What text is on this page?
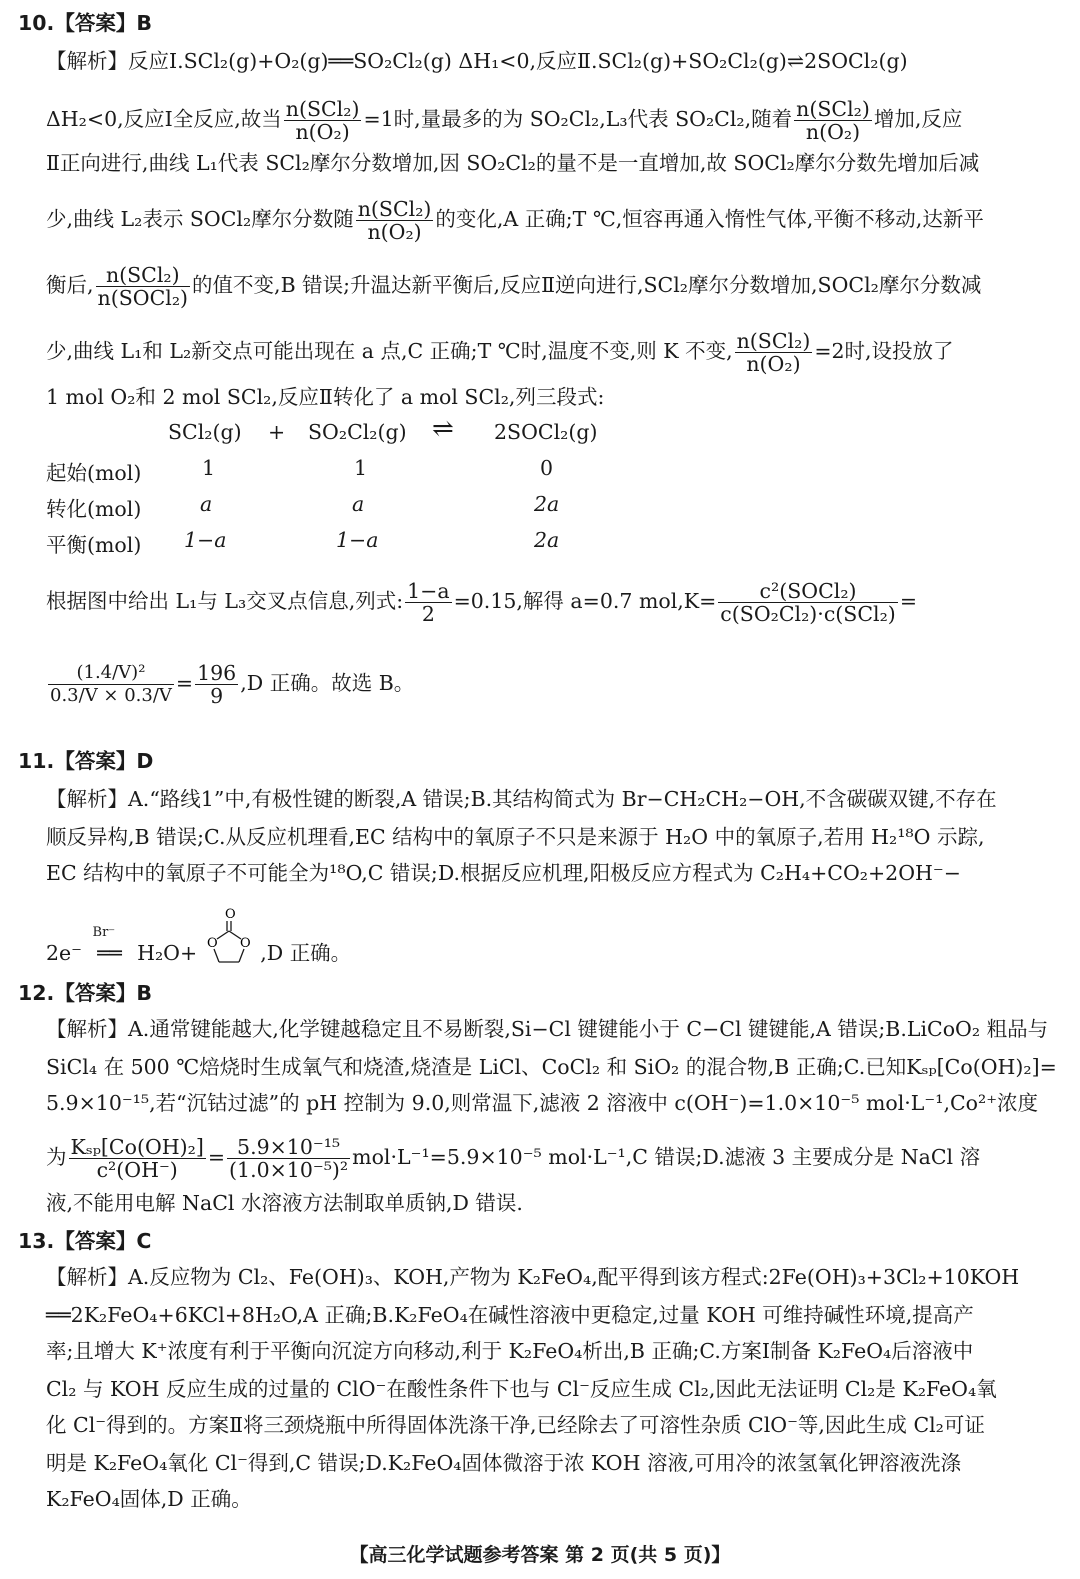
10.【答案】B
【解析】反应Ⅰ.SCl₂(g)+O₂(g)══SO₂Cl₂(g) ΔH₁<0,反应Ⅱ.SCl₂(g)+SO₂Cl₂(g)⇌2SOCl₂(g)
ΔH₂<0,反应Ⅰ全反应,故当 $\frac{\text{n(SCl₂)}}{\text{n(O₂)}} =1$时,量最多的为 SO₂Cl₂,L₃代表 SO₂Cl₂,随着 $\frac{\text{n(SCl₂)}}{\text{n(O₂)}}$ 增加,反应
Ⅱ正向进行,曲线 L₁代表 SCl₂摩尔分数增加,因 SO₂Cl₂的量不是一直增加,故 SOCl₂摩尔分数先增加后减
少,曲线 L₂表示 SOCl₂摩尔分数随 $\frac{\text{n(SCl₂)}}{\text{n(O₂)}}$ 的变化,A 正确;T ℃,恒容再通入惰性气体,平衡不移动,达新平
衡后, $\frac{\text{n(SCl₂)}}{\text{n(SOCl₂)}}$ 的值不变,B 错误;升温达新平衡后,反应Ⅱ逆向进行,SCl₂摩尔分数增加,SOCl₂摩尔分数减
少,曲线 L₁和 L₂新交点可能出现在 a 点,C 正确;T ℃时,温度不变,则 K 不变, $\frac{\text{n(SCl₂)}}{\text{n(O₂)}} =2$时,设投放了
1 mol O₂和 2 mol SCl₂,反应Ⅱ转化了 a mol SCl₂,列三段式:
SCl₂(g) + SO₂Cl₂(g) ⇌ 2SOCl₂(g)
起始(mol)	1	1	0
转化(mol)	a	a	2a
平衡(mol) 1−a	1−a	2a
根据图中给出 L₁与 L₃交叉点信息,列式: $\frac{1-a}{2} =0.15$,解得 a=0.7 $mol,K= \frac{\text{c²(SOCl₂)}}{\text{c(SO₂Cl₂)·c(SCl₂)}}$ =
$\frac{\text{(1.4/V)²}}{0.3/V \times 0.3/V} = \frac{196}{9} ,D$ 正确。故选 B。
11.【答案】D
【解析】A.“路线1”中,有极性键的断裂,A 错误;B.其结构简式为 Br−CH₂CH₂−OH,不含碳碳双键,不存在
顺反异构,B 错误;C.从反应机理看,EC 结构中的氧原子不只是来源于 H₂O 中的氧原子,若用 H₂¹⁸O 示踪,
EC 结构中的氧原子不可能全为¹⁸O,C 错误;D.根据反应机理,阳极反应方程式为 C₂H₄+CO₂+2OH⁻−
2e⁻
Br⁻
══ H₂O+
O
O O ,D 正确。
12.【答案】B
【解析】A.通常键能越大,化学键越稳定且不易断裂,Si−Cl 键键能小于 C−Cl 键键能,A 错误;B.LiCoO₂ 粗品与
SiCl₄ 在 500 ℃焙烧时生成氧气和烧渣,烧渣是 LiCl、CoCl₂ 和 SiO₂ 的混合物,B 正确;C.已知Kₛₚ[Co(OH)₂]=
5.9×10⁻¹⁵,若“沉钴过滤”的 pH 控制为 9.0,则常温下,滤液 2 溶液中 c(OH⁻)=1.0×10⁻⁵ mol·L⁻¹,Co²⁺浓度
为 $\frac{\text{Kₛₚ[Co(OH)₂]}}{\text{c²(OH⁻)}} = \frac{\text{5.9×10⁻¹⁵}}{\text{(1.0×10⁻⁵)²}} mol\cdot L^{-1}=5.9\times 10^{-5}$ mol·L⁻¹,C 错误;D.滤液 3 主要成分是 NaCl 溶
液,不能用电解 NaCl 水溶液方法制取单质钠,D 错误.
13.【答案】C
【解析】A.反应物为 Cl₂、Fe(OH)₃、KOH,产物为 K₂FeO₄,配平得到该方程式:2Fe(OH)₃+3Cl₂+10KOH
══2K₂FeO₄+6KCl+8H₂O,A 正确;B.K₂FeO₄在碱性溶液中更稳定,过量 KOH 可维持碱性环境,提高产
率;且增大 K⁺浓度有利于平衡向沉淀方向移动,利于 K₂FeO₄析出,B 正确;C.方案Ⅰ制备 K₂FeO₄后溶液中
Cl₂ 与 KOH 反应生成的过量的 ClO⁻在酸性条件下也与 Cl⁻反应生成 Cl₂,因此无法证明 Cl₂是 K₂FeO₄氧
化 Cl⁻得到的。方案Ⅱ将三颈烧瓶中所得固体洗涤干净,已经除去了可溶性杂质 ClO⁻等,因此生成 Cl₂可证
明是 K₂FeO₄氧化 Cl⁻得到,C 错误;D.K₂FeO₄固体微溶于浓 KOH 溶液,可用冷的浓氢氧化钾溶液洗涤
K₂FeO₄固体,D 正确。
【高三化学试题参考答案 第 2 页(共 5 页)】
